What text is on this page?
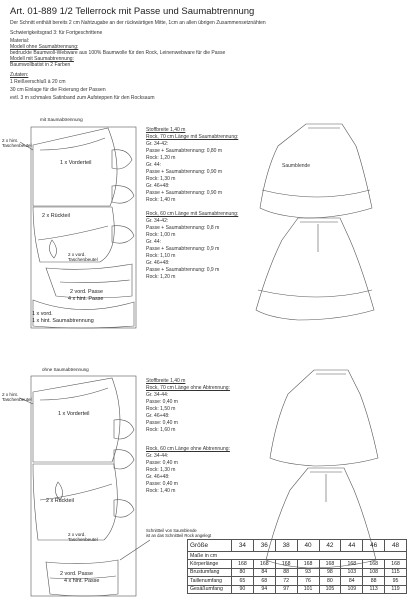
Art. 01-889 1/2 Tellerrock mit Passe und Saumabtrennung
Der Schnitt enthält bereits 2 cm Nahtzugabe an der rückwärtigen Mitte, 1cm an allen übrigen Zusammensetznähten
Schwierigkeitsgrad 3: für Fortgeschrittene
Material:
Modell ohne Saumabtrennung:
bedruckte Baumwoll-Webware aus 100% Baumwolle für den Rock, Leinenwebware für die Passe
Modell mit Saumabtrennung:
Baumwollbatist in 2 Farben
Zutaten:
1 Reißverschluß à 20 cm
30 cm Einlage für die Fixierung der Passen
evtl. 3 m schmales Satinband zum Aufsteppen für den Rocksaum
mit Saumabtrennung
2 x hint.
Taschenbeutel
1 x Vorderteil
2 x Rückteil
2 x vord.
Taschenbeutel
2 vord. Passe
4 x hint. Passe
1 x vord.
1 x hint. Saumabtrennung
Stoffbreite 1,40 m
Rock, 70 cm Länge mit Saumabtrennung:
Gr. 34-42:
Passe + Saumabtrennung: 0,80 m
Rock: 1,20 m
Gr. 44:
Passe + Saumabtrennung: 0,90 m
Rock: 1,30 m
Gr. 46+48:
Passe + Saumabtrennung: 0,90 m
Rock: 1,40 m
Rock, 60 cm Länge mit Saumabtrennung:
Gr. 34-42:
Passe + Saumabtrennung: 0,8 m
Rock: 1,00 m
Gr. 44:
Passe + Saumabtrennung: 0,9 m
Rock: 1,10 m
Gr. 46+48:
Passe + Saumabtrennung: 0,9 m
Rock: 1,20 m
Saumblende
ohne Saumabtrennung
2 x hint.
Taschenbeutel
1 x Vorderteil
2 x Rückteil
2 x vord.
Taschenbeutel
2 vord. Passe
4 x hint. Passe
Schnittteil von Saumblende
ist an das Schnittteil Rock angelegt
Stoffbreite 1,40 m
Rock, 70 cm Länge ohne Abtrennung:
Gr. 34-44:
Passe: 0,40 m
Rock: 1,50 m
Gr. 46+48:
Passe: 0,40 m
Rock: 1,60 m
Rock, 60 cm Länge ohne Abtrennung:
Gr. 34-44:
Passe: 0,40 m
Rock: 1,30 m
Gr. 46+48:
Passe: 0,40 m
Rock: 1,40 m
Größe	34	36	38	40	42	44	46	48
Maße in cm								
Körperlänge	168	168	168	168	168	168	168	168
Brustumfang	80	84	88	93	98	103	108	115
Taillenumfang	65	68	72	76	80	84	88	95
Gesäßumfang	90	94	97	101	105	109	113	119
